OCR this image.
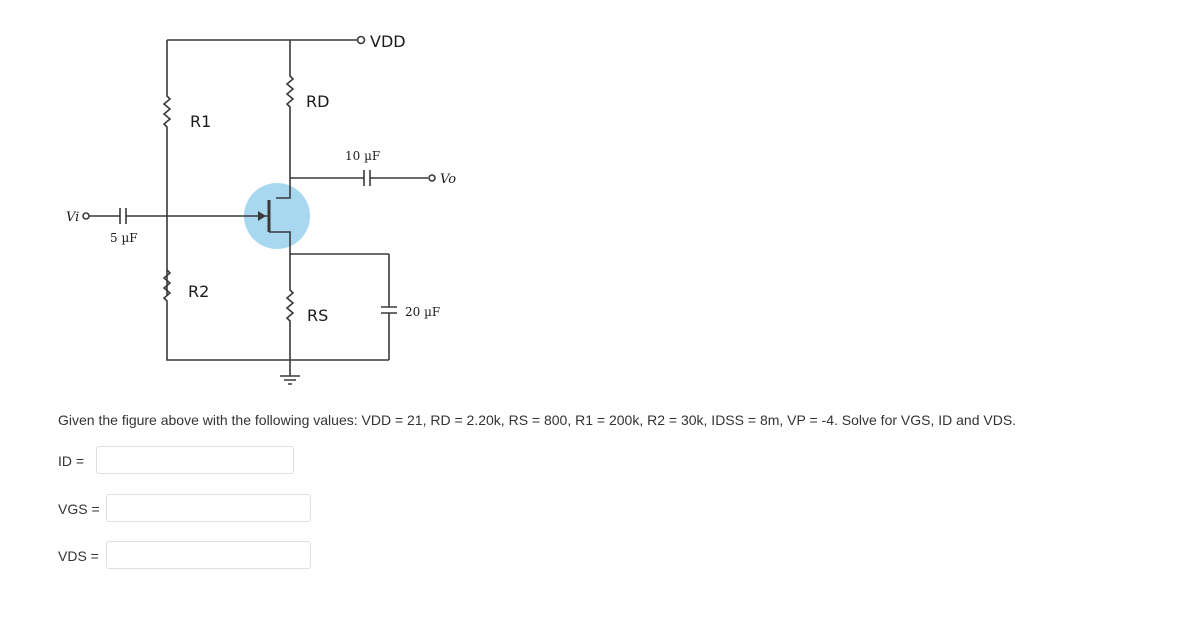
VDD
R1
R2
RD
10 µF
Vo
RS	20 µF
Vi
5 µF
Given the figure above with the following values: VDD = 21, RD = 2.20k, RS = 800, R1 = 200k, R2 = 30k, IDSS = 8m, VP = -4. Solve for VGS, ID and VDS.
ID =
VGS =
VDS =
